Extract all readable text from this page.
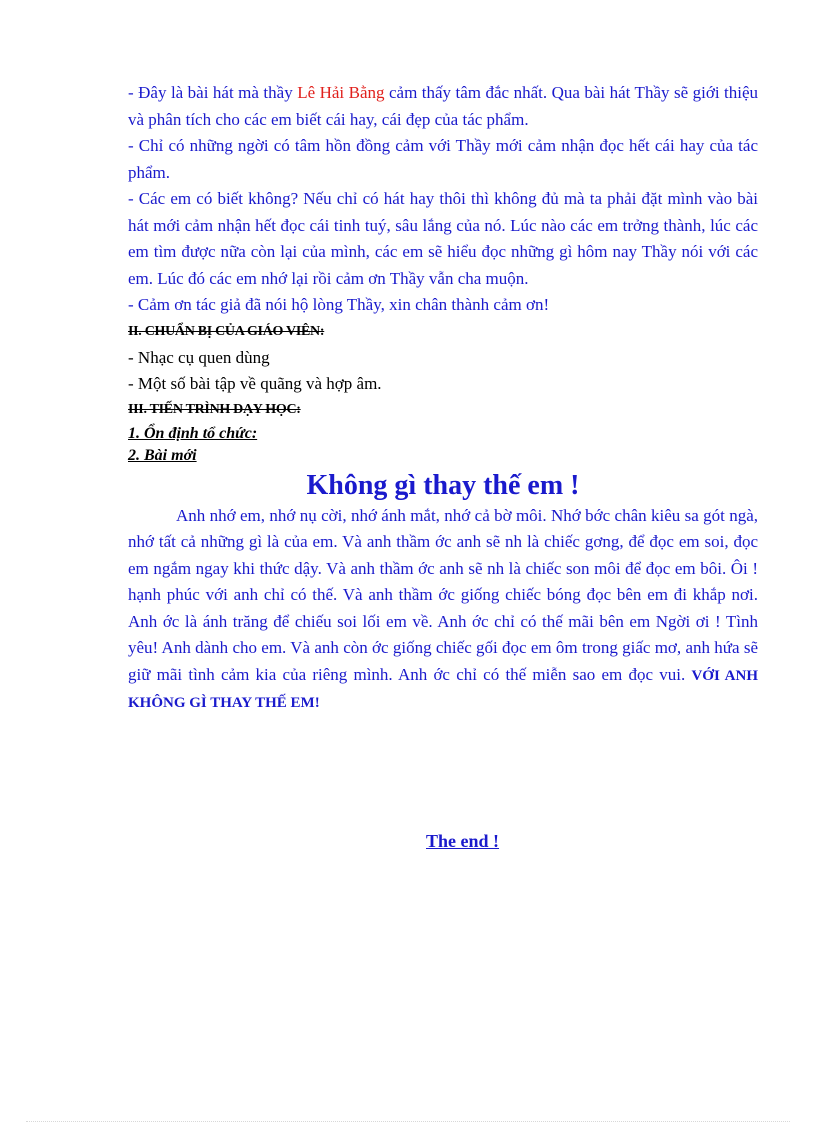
- Đây là bài hát mà thầy Lê Hải Bằng cảm thấy tâm đắc nhất. Qua bài hát Thầy sẽ giới thiệu và phân tích cho các em biết cái hay, cái đẹp của tác phẩm.

- Chỉ có những ngời có tâm hồn đồng cảm với Thầy mới cảm nhận đọc hết cái hay của tác phẩm.

- Các em có biết không? Nếu chỉ có hát hay thôi thì không đủ mà ta phải đặt mình vào bài hát mới cảm nhận hết đọc cái tinh tuý, sâu lắng của nó. Lúc nào các em trởng thành, lúc các em tìm được nữa còn lại của mình, các em sẽ hiểu đọc những gì hôm nay Thầy nói với các em. Lúc đó các em nhớ lại rồi cảm ơn Thầy vẫn cha muộn.

- Cảm ơn tác giả đã nói hộ lòng Thầy, xin chân thành cảm ơn!

II. CHUẨN BỊ CỦA GIÁO VIÊN:

- Nhạc cụ quen dùng

- Một số bài tập về quãng và hợp âm.

III. TIẾN TRÌNH DẠY HỌC:

1. Ổn định tổ chức:

2. Bài mới

Không gì thay thế em !

Anh nhớ em, nhớ nụ cời, nhớ ánh mắt, nhớ cả bờ môi. Nhớ bớc chân kiêu sa gót ngà, nhớ tất cả những gì là của em. Và anh thầm ớc anh sẽ nh là chiếc gơng, để đọc em soi, đọc em ngắm ngay khi thức dậy. Và anh thầm ớc anh sẽ nh là chiếc son môi để đọc em bôi. Ôi ! hạnh phúc với anh chỉ có thế. Và anh thầm ớc giống chiếc bóng đọc bên em đi khắp nơi. Anh ớc là ánh trăng để chiếu soi lối em về. Anh ớc chỉ có thế mãi bên em Ngời ơi ! Tình yêu! Anh dành cho em. Và anh còn ớc giống chiếc gối đọc em ôm trong giấc mơ, anh hứa sẽ giữ mãi tình cảm kia của riêng mình. Anh ớc chỉ có thế miễn sao em đọc vui. VỚI ANH KHÔNG GÌ THAY THẾ EM!

The end !
